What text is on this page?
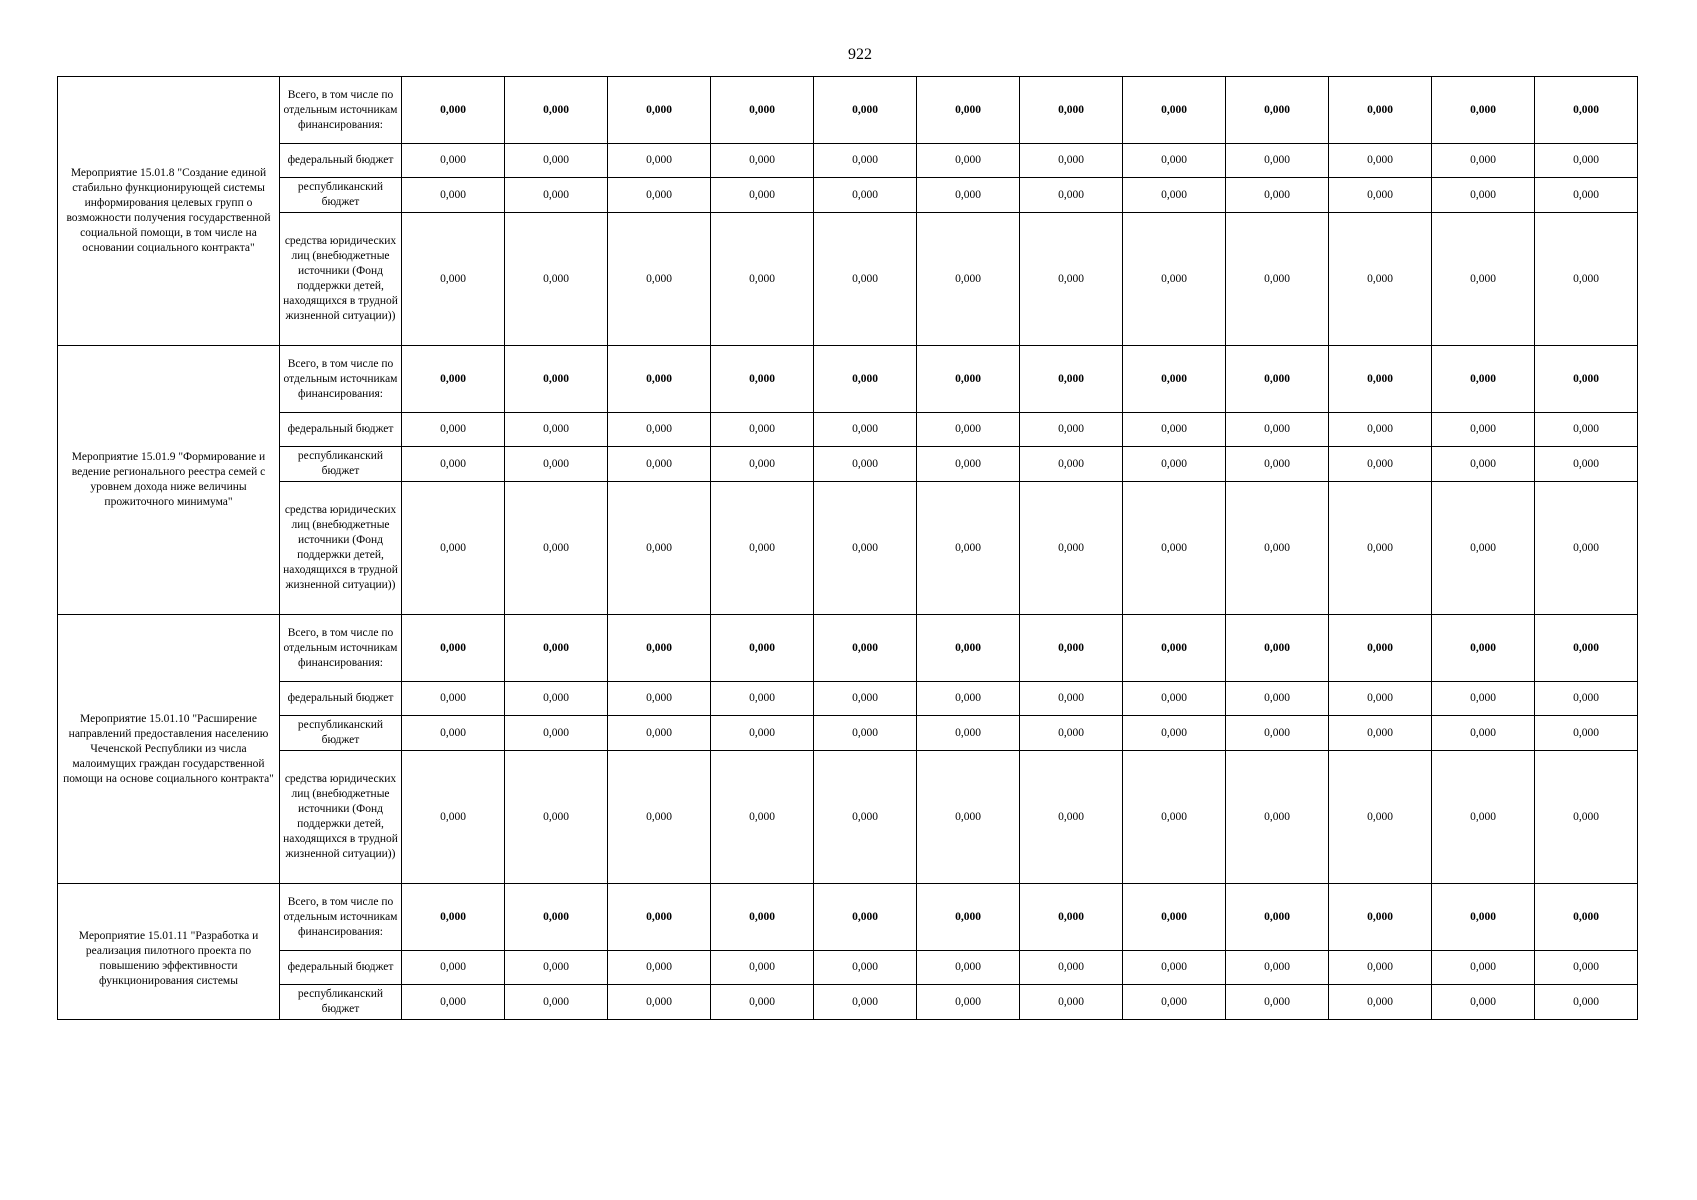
922
Мероприятие 15.01.8 "Создание единой стабильно функционирующей системы информирования целевых групп о возможности получения государственной социальной помощи, в том числе на основании социального контракта"	Всего, в том числе по отдельным источникам финансирования:	0,000	0,000	0,000	0,000	0,000	0,000	0,000	0,000	0,000	0,000	0,000	0,000
	федеральный бюджет	0,000	0,000	0,000	0,000	0,000	0,000	0,000	0,000	0,000	0,000	0,000	0,000
	республиканский бюджет	0,000	0,000	0,000	0,000	0,000	0,000	0,000	0,000	0,000	0,000	0,000	0,000
	средства юридических лиц (внебюджетные источники (Фонд поддержки детей, находящихся в трудной жизненной ситуации))	0,000	0,000	0,000	0,000	0,000	0,000	0,000	0,000	0,000	0,000	0,000	0,000
Мероприятие 15.01.9 "Формирование и ведение регионального реестра семей с уровнем дохода ниже величины прожиточного минимума"	Всего, в том числе по отдельным источникам финансирования:	0,000	0,000	0,000	0,000	0,000	0,000	0,000	0,000	0,000	0,000	0,000	0,000
	федеральный бюджет	0,000	0,000	0,000	0,000	0,000	0,000	0,000	0,000	0,000	0,000	0,000	0,000
	республиканский бюджет	0,000	0,000	0,000	0,000	0,000	0,000	0,000	0,000	0,000	0,000	0,000	0,000
	средства юридических лиц (внебюджетные источники (Фонд поддержки детей, находящихся в трудной жизненной ситуации))	0,000	0,000	0,000	0,000	0,000	0,000	0,000	0,000	0,000	0,000	0,000	0,000
Мероприятие 15.01.10 "Расширение направлений предоставления населению Чеченской Республики из числа малоимущих граждан государственной помощи на основе социального контракта"	Всего, в том числе по отдельным источникам финансирования:	0,000	0,000	0,000	0,000	0,000	0,000	0,000	0,000	0,000	0,000	0,000	0,000
	федеральный бюджет	0,000	0,000	0,000	0,000	0,000	0,000	0,000	0,000	0,000	0,000	0,000	0,000
	республиканский бюджет	0,000	0,000	0,000	0,000	0,000	0,000	0,000	0,000	0,000	0,000	0,000	0,000
	средства юридических лиц (внебюджетные источники (Фонд поддержки детей, находящихся в трудной жизненной ситуации))	0,000	0,000	0,000	0,000	0,000	0,000	0,000	0,000	0,000	0,000	0,000	0,000
Мероприятие 15.01.11 "Разработка и реализация пилотного проекта по повышению эффективности функционирования системы	Всего, в том числе по отдельным источникам финансирования:	0,000	0,000	0,000	0,000	0,000	0,000	0,000	0,000	0,000	0,000	0,000	0,000
	федеральный бюджет	0,000	0,000	0,000	0,000	0,000	0,000	0,000	0,000	0,000	0,000	0,000	0,000
	республиканский бюджет	0,000	0,000	0,000	0,000	0,000	0,000	0,000	0,000	0,000	0,000	0,000	0,000
